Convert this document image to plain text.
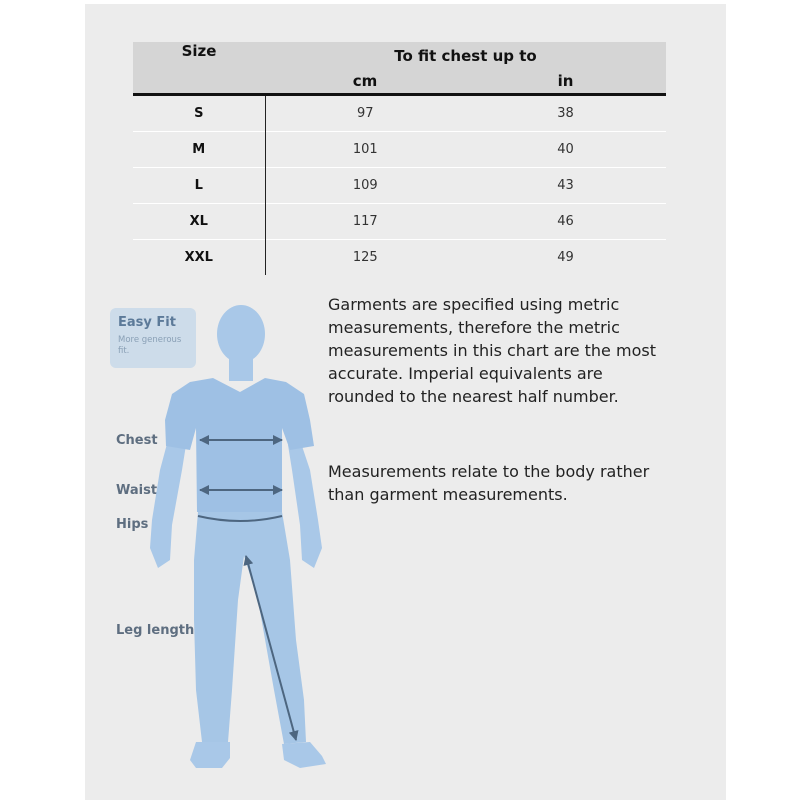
Size	To fit chest up to	
	cm	in
S	97	38
M	101	40
L	109	43
XL	117	46
XXL	125	49
Garments are specified using metric measurements, therefore the metric measurements in this chart are the most accurate. Imperial equivalents are rounded to the nearest half number.
Measurements relate to the body rather than garment measurements.
Easy Fit
More generous fit.
Chest
Waist
Hips
Leg length
